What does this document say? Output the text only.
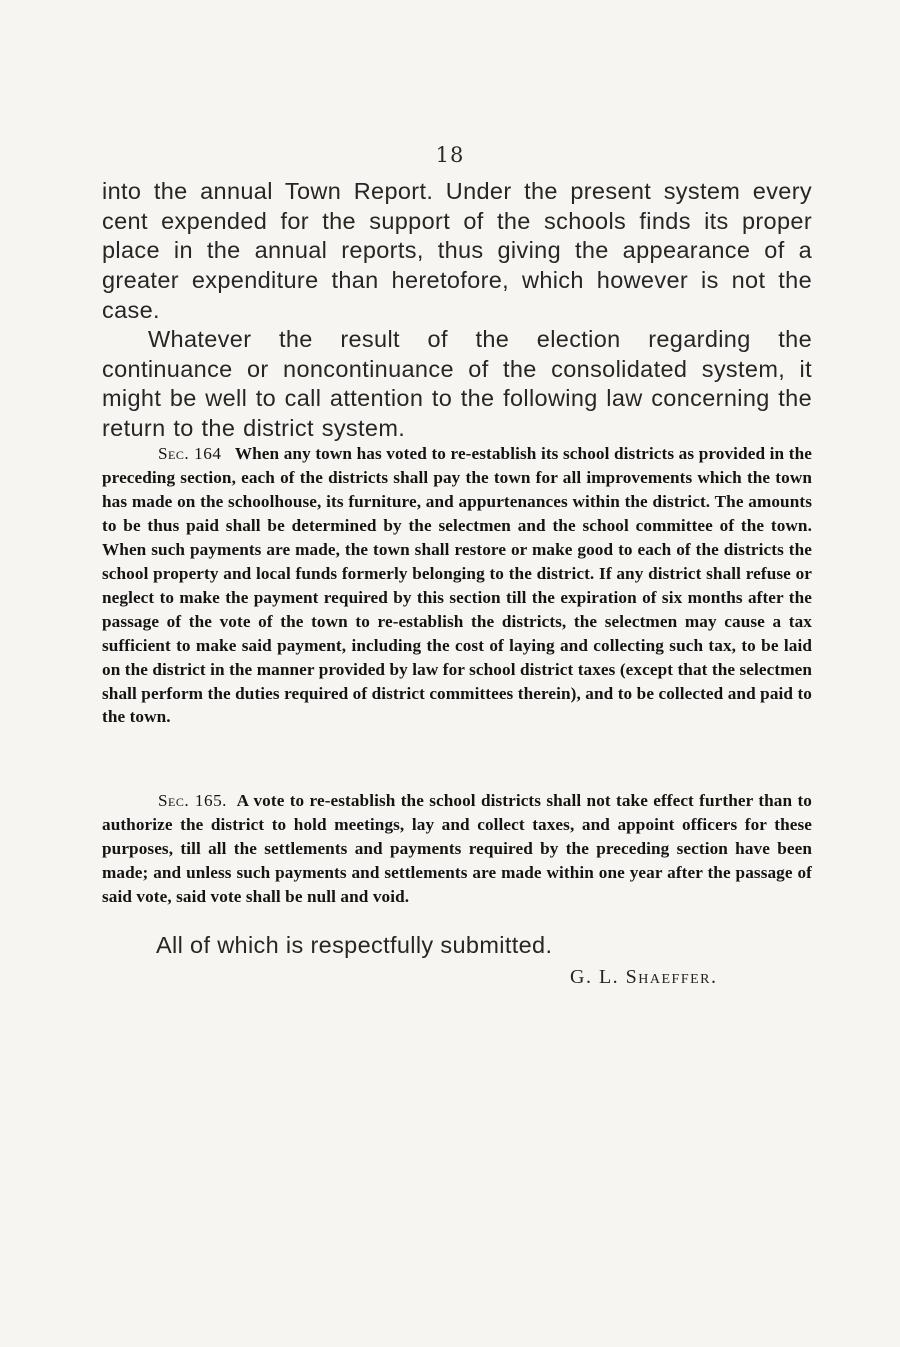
18

into the annual Town Report. Under the present system every cent expended for the support of the schools finds its proper place in the annual reports, thus giving the appearance of a greater expenditure than heretofore, which however is not the case.

Whatever the result of the election regarding the continuance or noncontinuance of the consolidated system, it might be well to call attention to the following law concerning the return to the district system.

Sec. 164 When any town has voted to re-establish its school districts as provided in the preceding section, each of the districts shall pay the town for all improvements which the town has made on the schoolhouse, its furniture, and appurtenances within the district. The amounts to be thus paid shall be determined by the selectmen and the school committee of the town. When such payments are made, the town shall restore or make good to each of the districts the school property and local funds formerly belonging to the district. If any district shall refuse or neglect to make the payment required by this section till the expiration of six months after the passage of the vote of the town to re-establish the districts, the selectmen may cause a tax sufficient to make said payment, including the cost of laying and collecting such tax, to be laid on the district in the manner provided by law for school district taxes (except that the selectmen shall perform the duties required of district committees therein), and to be collected and paid to the town.

Sec. 165. A vote to re-establish the school districts shall not take effect further than to authorize the district to hold meetings, lay and collect taxes, and appoint officers for these purposes, till all the settlements and payments required by the preceding section have been made; and unless such payments and settlements are made within one year after the passage of said vote, said vote shall be null and void.

All of which is respectfully submitted.

G. L. Shaeffer.
